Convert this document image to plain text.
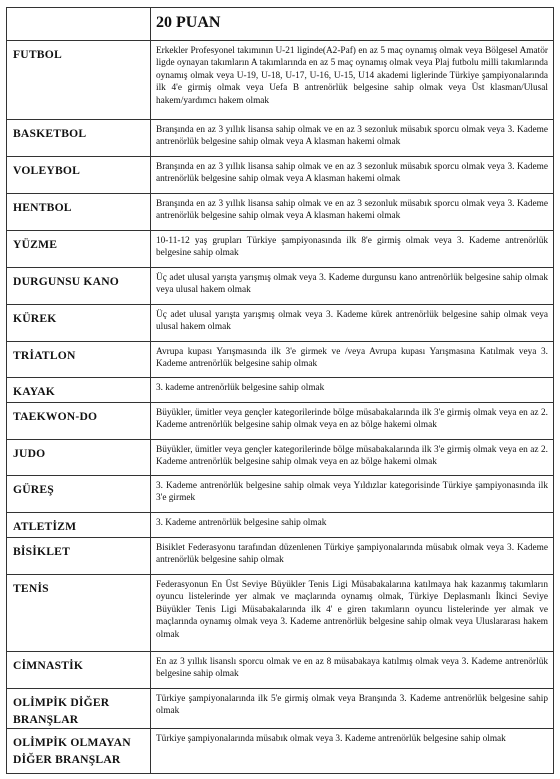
	20 PUAN
FUTBOL	Erkekler Profesyonel takımının U-21 liginde(A2-Paf) en az 5 maç oynamış olmak veya Bölgesel Amatör ligde oynayan takımların A takımlarında en az 5 maç oynamış olmak veya Plaj futbolu milli takımlarında oynamış olmak veya U-19, U-18, U-17, U-16, U-15, U14 akademi liglerinde Türkiye şampiyonalarında ilk 4'e girmiş olmak veya Uefa B antrenörlük belgesine sahip olmak veya Üst klasman/Ulusal hakem/yardımcı hakem olmak
BASKETBOL	Branşında en az 3 yıllık lisansa sahip olmak ve en az 3 sezonluk müsabık sporcu olmak veya 3. Kademe antrenörlük belgesine sahip olmak veya A klasman hakemi olmak
VOLEYBOL	Branşında en az 3 yıllık lisansa sahip olmak ve en az 3 sezonluk müsabık sporcu olmak veya 3. Kademe antrenörlük belgesine sahip olmak veya A klasman hakemi olmak
HENTBOL	Branşında en az 3 yıllık lisansa sahip olmak ve en az 3 sezonluk müsabık sporcu olmak veya 3. Kademe antrenörlük belgesine sahip olmak veya A klasman hakemi olmak
YÜZME	10-11-12 yaş grupları Türkiye şampiyonasında ilk 8'e girmiş olmak veya 3. Kademe antrenörlük belgesine sahip olmak
DURGUNSU KANO	Üç adet ulusal yarışta yarışmış olmak veya 3. Kademe durgunsu kano antrenörlük belgesine sahip olmak veya ulusal hakem olmak
KÜREK	Üç adet ulusal yarışta yarışmış olmak veya 3. Kademe kürek antrenörlük belgesine sahip olmak veya ulusal hakem olmak
TRİATLON	Avrupa kupası Yarışmasında ilk 3'e girmek ve /veya Avrupa kupası Yarışmasına Katılmak veya 3. Kademe antrenörlük belgesine sahip olmak
KAYAK	3. kademe antrenörlük belgesine sahip olmak
TAEKWON-DO	Büyükler, ümitler veya gençler kategorilerinde bölge müsabakalarında ilk 3'e girmiş olmak veya en az 2. Kademe antrenörlük belgesine sahip olmak veya en az bölge hakemi olmak
JUDO	Büyükler, ümitler veya gençler kategorilerinde bölge müsabakalarında ilk 3'e girmiş olmak veya en az 2. Kademe antrenörlük belgesine sahip olmak veya en az bölge hakemi olmak
GÜREŞ	3. Kademe antrenörlük belgesine sahip olmak veya Yıldızlar kategorisinde Türkiye şampiyonasında ilk 3'e girmek
ATLETİZM	3. Kademe antrenörlük belgesine sahip olmak
BİSİKLET	Bisiklet Federasyonu tarafından düzenlenen Türkiye şampiyonalarında müsabık olmak veya 3. Kademe antrenörlük belgesine sahip olmak
TENİS	Federasyonun En Üst Seviye Büyükler Tenis Ligi Müsabakalarına katılmaya hak kazanmış takımların oyuncu listelerinde yer almak ve maçlarında oynamış olmak, Türkiye Deplasmanlı İkinci Seviye Büyükler Tenis Ligi Müsabakalarında ilk 4' e giren takımların oyuncu listelerinde yer almak ve maçlarında oynamış olmak veya 3. Kademe antrenörlük belgesine sahip olmak veya Uluslararası hakem olmak
CİMNASTİK	En az 3 yıllık lisanslı sporcu olmak ve en az 8 müsabakaya katılmış olmak veya 3. Kademe antrenörlük belgesine sahip olmak
OLİMPİK DİĞER BRANŞLAR	Türkiye şampiyonalarında ilk 5'e girmiş olmak veya Branşında 3. Kademe antrenörlük belgesine sahip olmak
OLİMPİK OLMAYAN DİĞER BRANŞLAR	Türkiye şampiyonalarında müsabık olmak veya 3. Kademe antrenörlük belgesine sahip olmak
